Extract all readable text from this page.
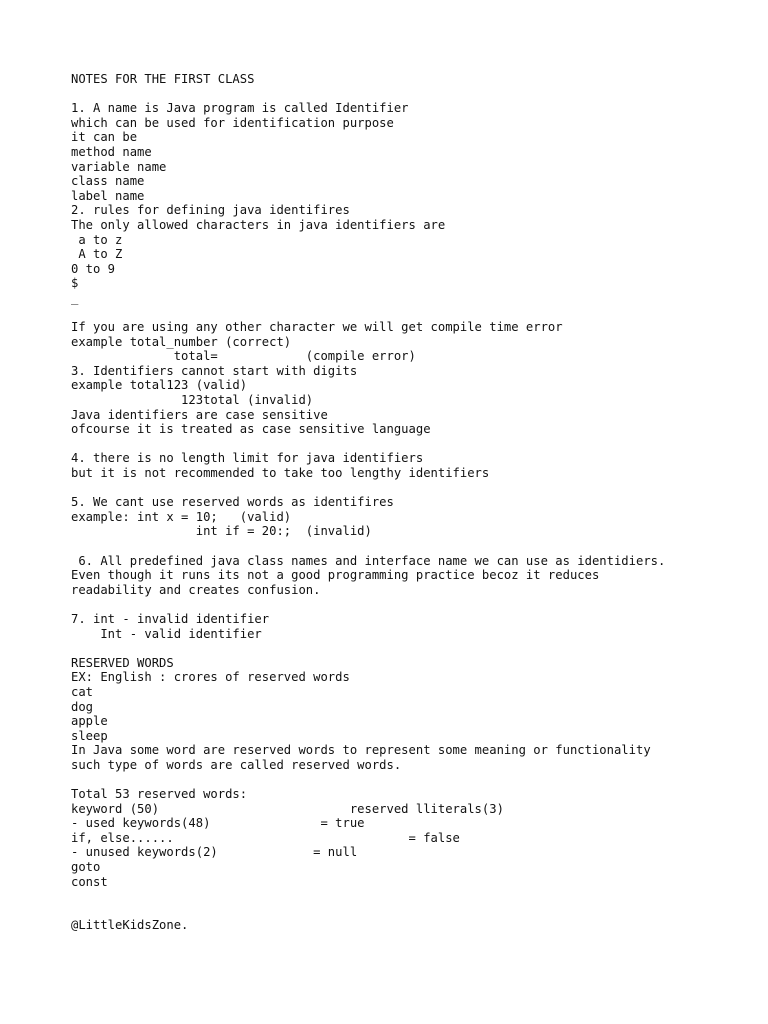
NOTES FOR THE FIRST CLASS

1. A name is Java program is called Identifier
which can be used for identification purpose
it can be
method name
variable name
class name
label name
2. rules for defining java identifires
The only allowed characters in java identifiers are
a to z
A to Z
0 to 9
$
_

If you are using any other character we will get compile time error
example total_number (correct)
total=            (compile error)
3. Identifiers cannot start with digits
example total123 (valid)
123total (invalid)
Java identifiers are case sensitive
ofcourse it is treated as case sensitive language

4. there is no length limit for java identifiers
but it is not recommended to take too lengthy identifiers

5. We cant use reserved words as identifires
example: int x = 10;   (valid)
int if = 20:;  (invalid)

6. All predefined java class names and interface name we can use as identidiers.
Even though it runs its not a good programming practice becoz it reduces
readability and creates confusion.

7. int - invalid identifier
Int - valid identifier

RESERVED WORDS
EX: English : crores of reserved words
cat
dog
apple
sleep
In Java some word are reserved words to represent some meaning or functionality
such type of words are called reserved words.

Total 53 reserved words:
keyword (50)                          reserved lliterals(3)
- used keywords(48)               = true
if, else......                                = false
- unused keywords(2)             = null
goto
const

@LittleKidsZone.
